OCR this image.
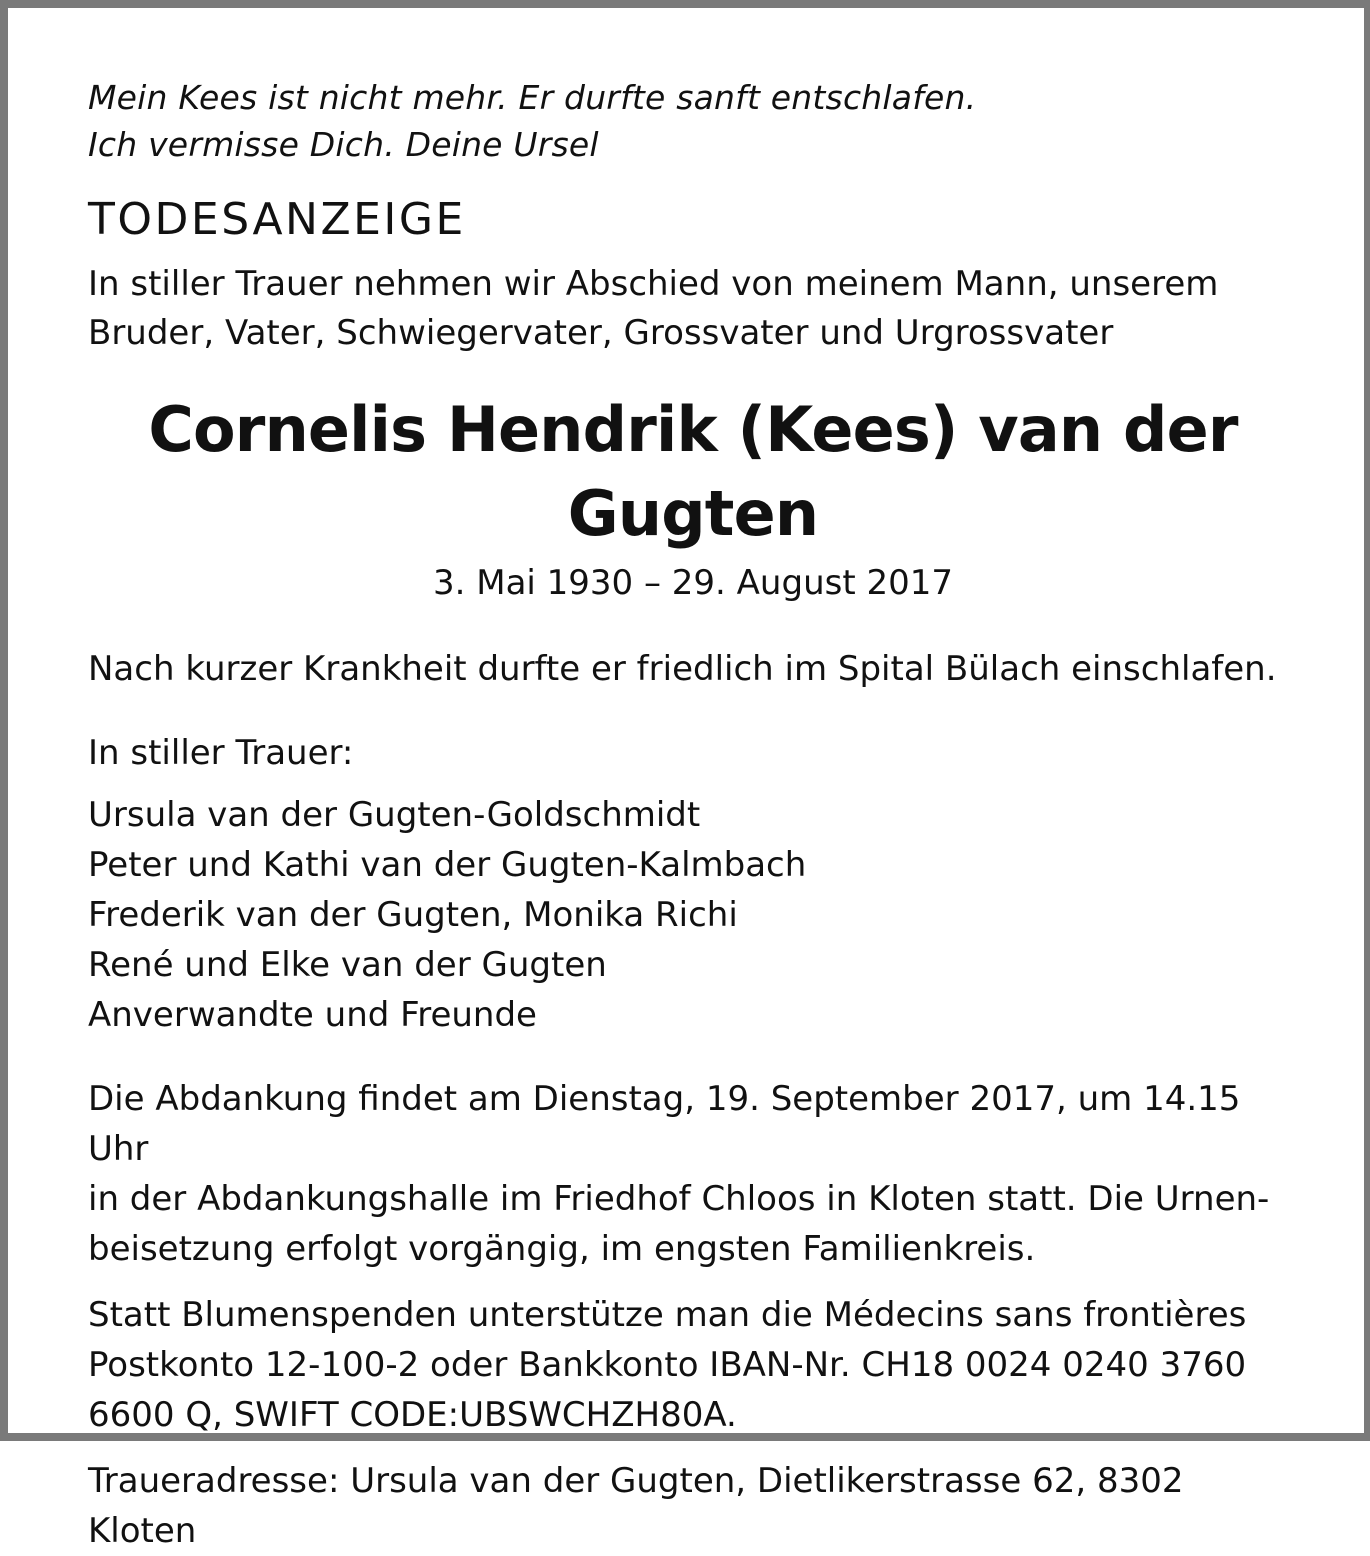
Mein Kees ist nicht mehr. Er durfte sanft entschlafen.
Ich vermisse Dich. Deine Ursel

TODESANZEIGE

In stiller Trauer nehmen wir Abschied von meinem Mann, unserem
Bruder, Vater, Schwiegervater, Grossvater und Urgrossvater

Cornelis Hendrik (Kees) van der Gugten

3. Mai 1930 – 29. August 2017

Nach kurzer Krankheit durfte er friedlich im Spital Bülach einschlafen.

In stiller Trauer:

Ursula van der Gugten-Goldschmidt
Peter und Kathi van der Gugten-Kalmbach
Frederik van der Gugten, Monika Richi
René und Elke van der Gugten
Anverwandte und Freunde

Die Abdankung findet am Dienstag, 19. September 2017, um 14.15 Uhr
in der Abdankungshalle im Friedhof Chloos in Kloten statt. Die Urnen-
beisetzung erfolgt vorgängig, im engsten Familienkreis.

Statt Blumenspenden unterstütze man die Médecins sans frontières
Postkonto 12-100-2 oder Bankkonto IBAN-Nr. CH18 0024 0240 3760
6600 Q, SWIFT CODE:UBSWCHZH80A.

Traueradresse: Ursula van der Gugten, Dietlikerstrasse 62, 8302 Kloten
